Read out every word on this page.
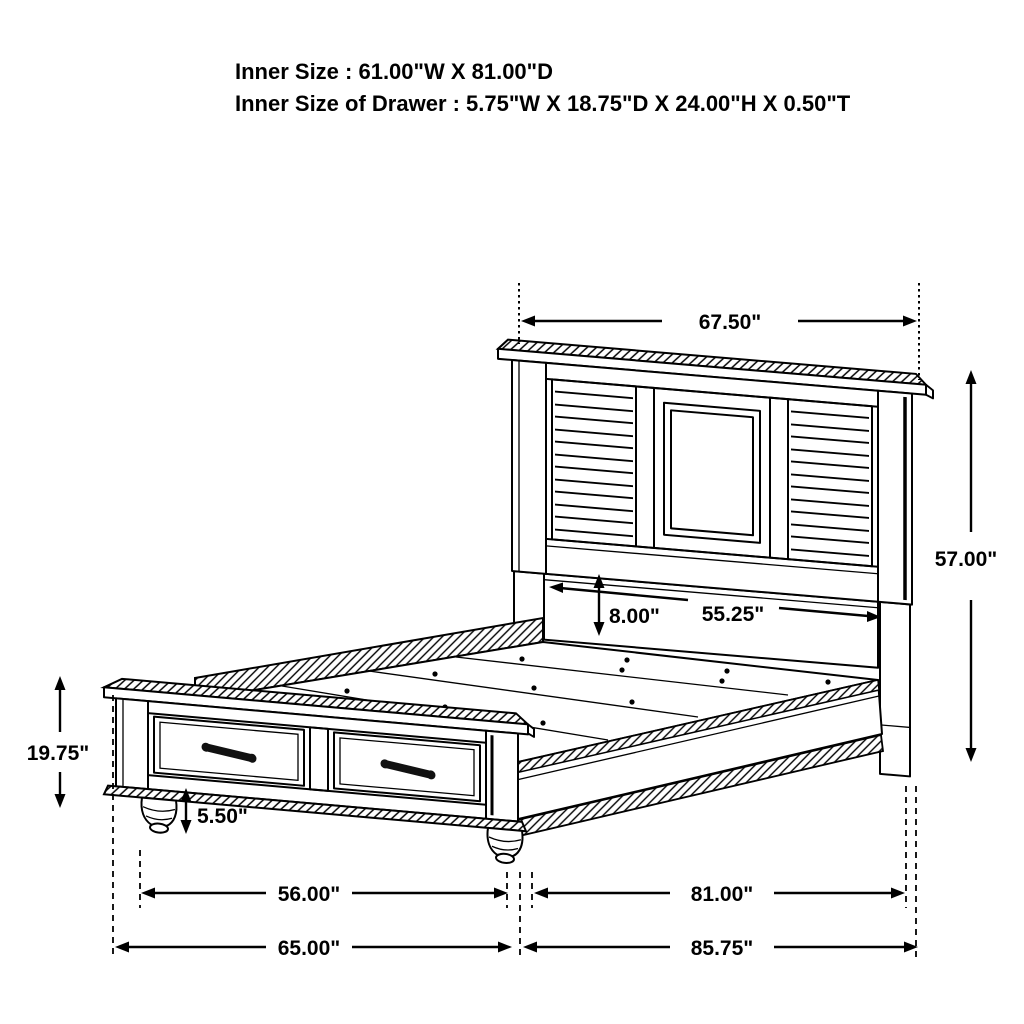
Inner Size : 61.00"W X 81.00"D
Inner Size of Drawer : 5.75"W X 18.75"D X 24.00"H X 0.50"T
67.50"
57.00"
8.00" 55.25"
19.75"
5.50"
56.00"	81.00"
65.00"	85.75"
